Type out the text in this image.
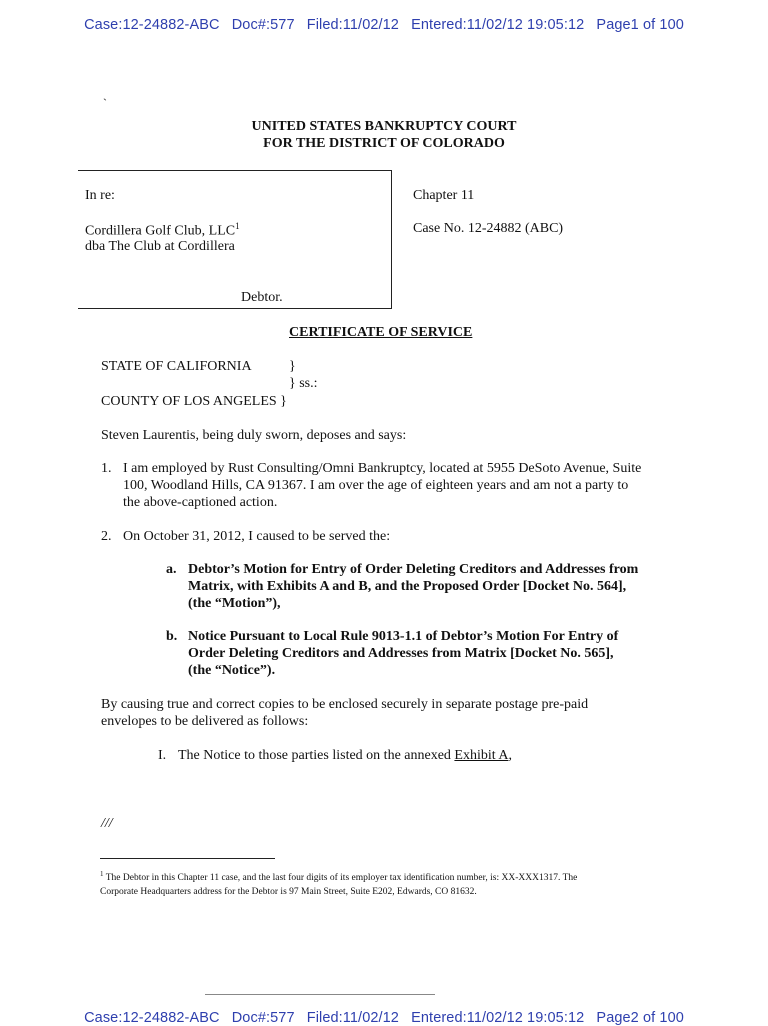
Case:12-24882-ABC Doc#:577 Filed:11/02/12 Entered:11/02/12 19:05:12 Page1 of 100
`
UNITED STATES BANKRUPTCY COURT
FOR THE DISTRICT OF COLORADO
In re:
Cordillera Golf Club, LLC$^1$
dba The Club at Cordillera
Debtor.
Chapter 11
Case No. 12-24882 (ABC)
CERTIFICATE OF SERVICE
STATE OF CALIFORNIA	}
} ss.:
COUNTY OF LOS ANGELES }
Steven Laurentis, being duly sworn, deposes and says:
1. I am employed by Rust Consulting/Omni Bankruptcy, located at 5955 DeSoto Avenue, Suite
100, Woodland Hills, CA 91367. I am over the age of eighteen years and am not a party to
the above-captioned action.
2. On October 31, 2012, I caused to be served the:
a. Debtor’s Motion for Entry of Order Deleting Creditors and Addresses from
Matrix, with Exhibits A and B, and the Proposed Order [Docket No. 564],
(the “Motion”),
b. Notice Pursuant to Local Rule 9013-1.1 of Debtor’s Motion For Entry of
Order Deleting Creditors and Addresses from Matrix [Docket No. 565],
(the “Notice”).
By causing true and correct copies to be enclosed securely in separate postage pre-paid
envelopes to be delivered as follows:
I. The Notice to those parties listed on the annexed Exhibit A,
///
$^1$ The Debtor in this Chapter 11 case, and the last four digits of its employer tax identification number, is: XX-XXX1317. The
Corporate Headquarters address for the Debtor is 97 Main Street, Suite E202, Edwards, CO 81632.
Case:12-24882-ABC Doc#:577 Filed:11/02/12 Entered:11/02/12 19:05:12 Page2 of 100
